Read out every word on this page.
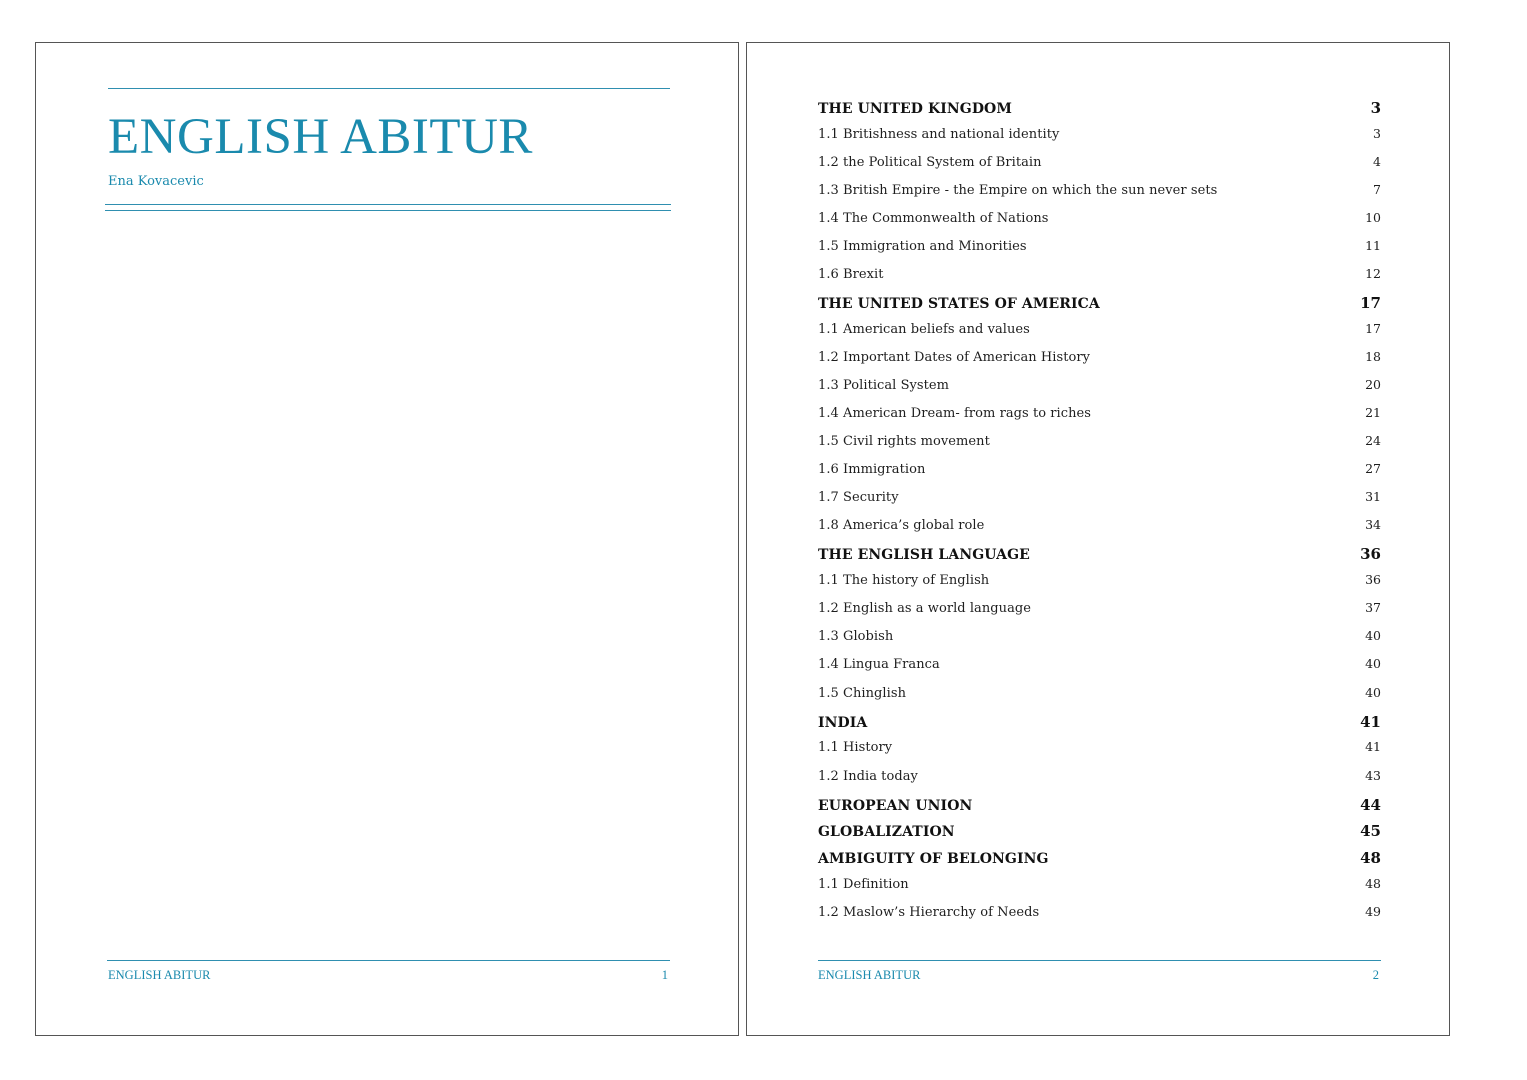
ENGLISH ABITUR
Ena Kovacevic
ENGLISH ABITUR	1
THE UNITED KINGDOM	3
1.1 Britishness and national identity	3
1.2 the Political System of Britain	4
1.3 British Empire - the Empire on which the sun never sets	7
1.4 The Commonwealth of Nations	10
1.5 Immigration and Minorities	11
1.6 Brexit	12
THE UNITED STATES OF AMERICA	17
1.1 American beliefs and values	17
1.2 Important Dates of American History	18
1.3 Political System	20
1.4 American Dream- from rags to riches	21
1.5 Civil rights movement	24
1.6 Immigration	27
1.7 Security	31
1.8 America’s global role	34
THE ENGLISH LANGUAGE	36
1.1 The history of English	36
1.2 English as a world language	37
1.3 Globish	40
1.4 Lingua Franca	40
1.5 Chinglish	40
INDIA	41
1.1 History	41
1.2 India today	43
EUROPEAN UNION	44
GLOBALIZATION	45
AMBIGUITY OF BELONGING	48
1.1 Definition	48
1.2 Maslow’s Hierarchy of Needs	49
ENGLISH ABITUR	2
